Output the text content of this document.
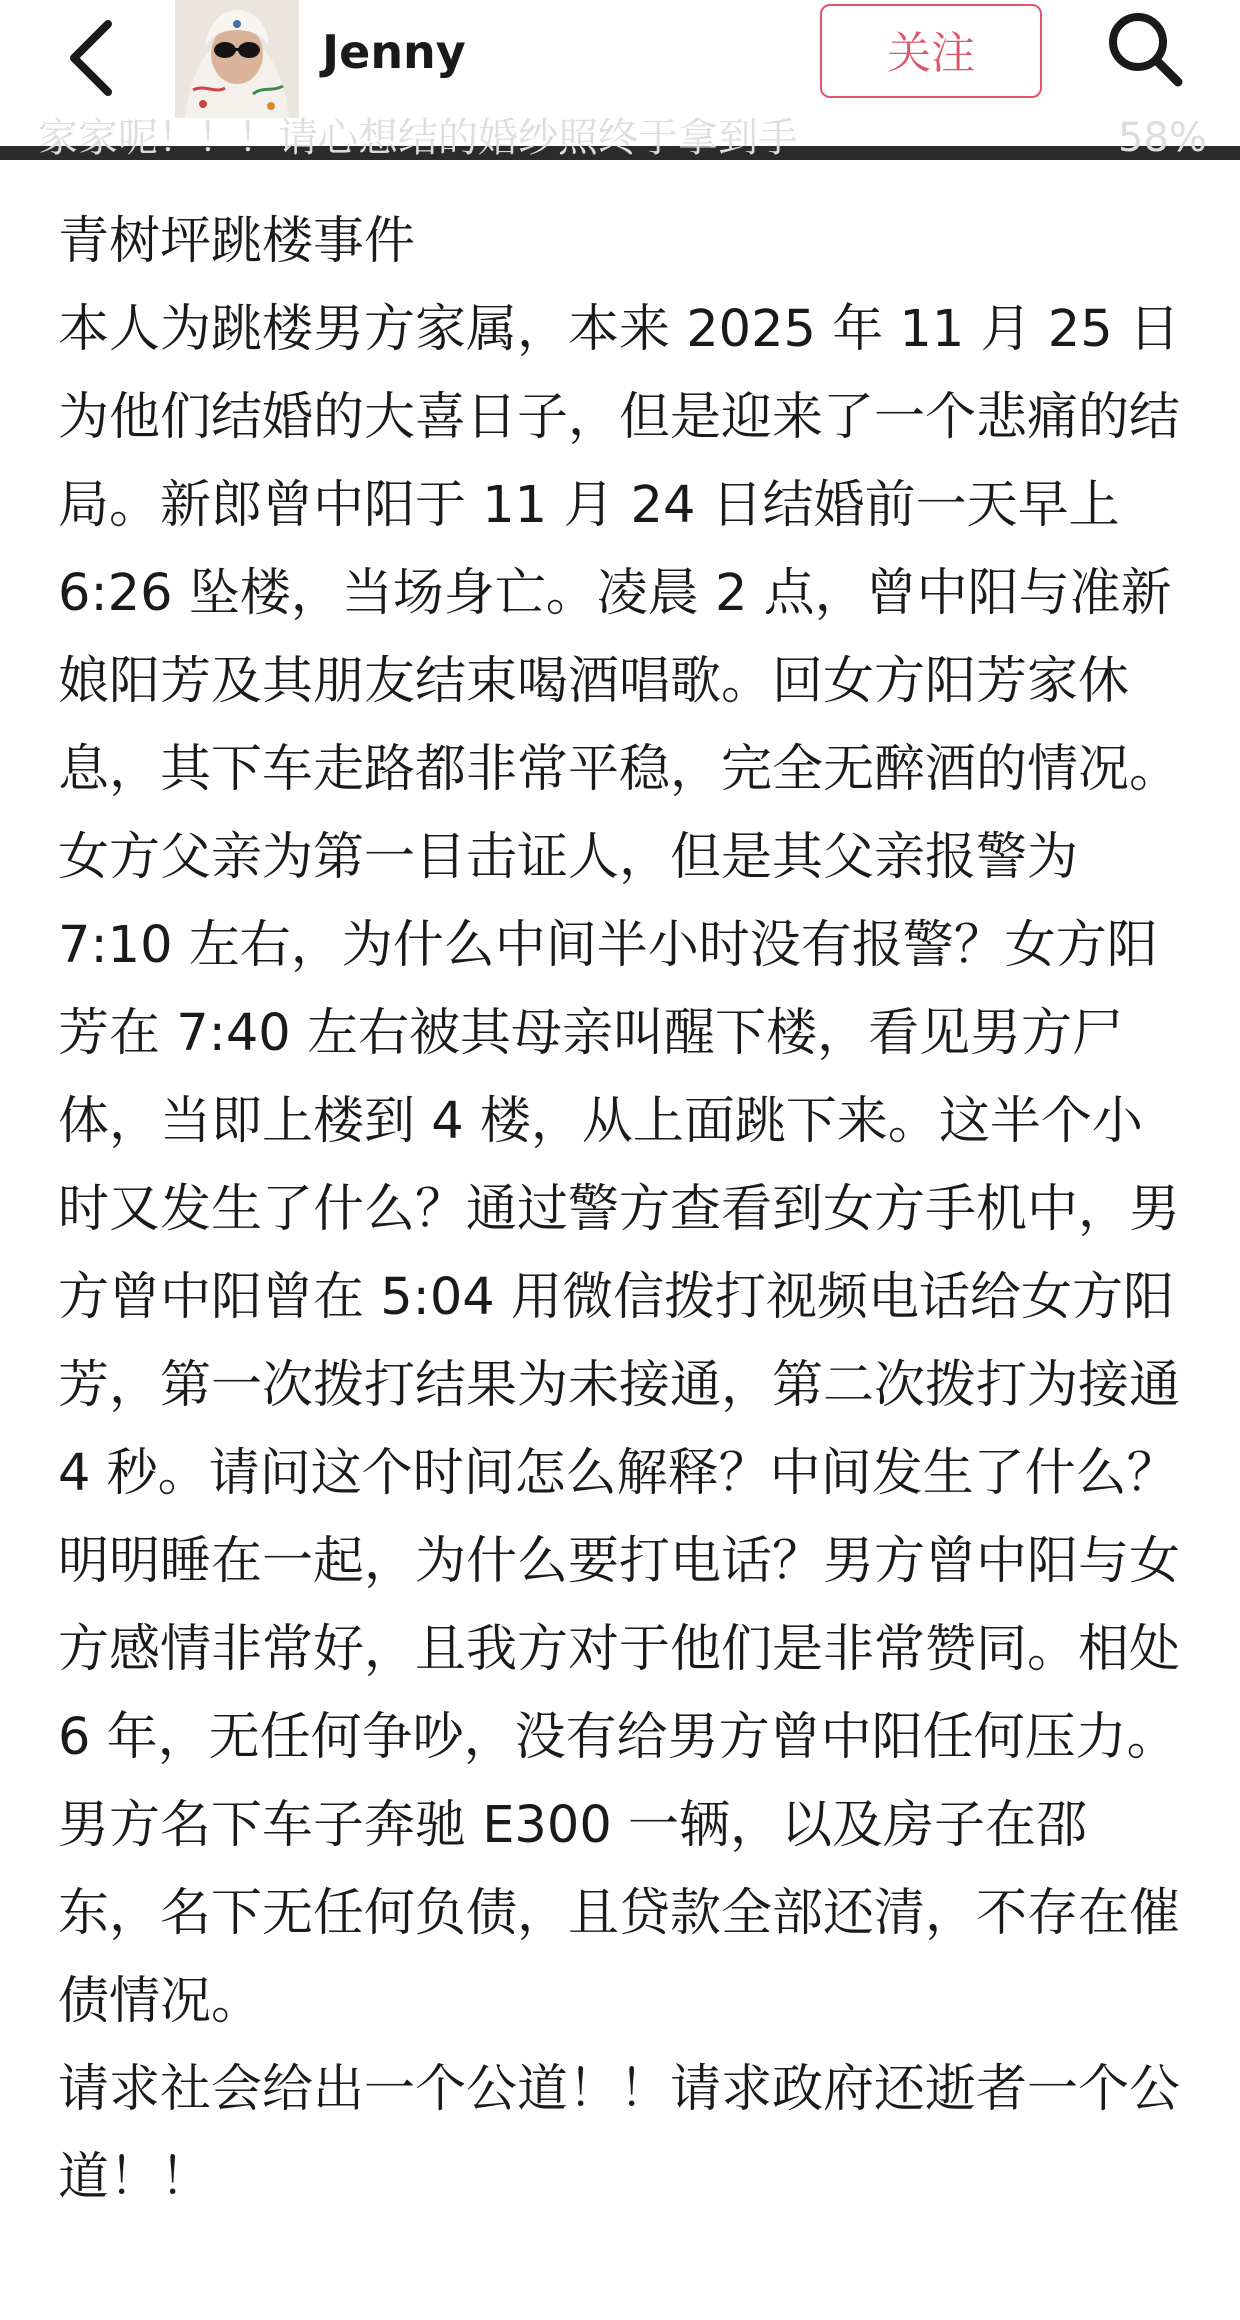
Jenny	关注
家家呢！！！请心想结的婚纱照终于拿到手	58%

青树坪跳楼事件

本人为跳楼男方家属，本来 2025 年 11 月 25 日为他们结婚的大喜日子，但是迎来了一个悲痛的结局。新郎曾中阳于 11 月 24 日结婚前一天早上 6:26 坠楼，当场身亡。凌晨 2 点，曾中阳与准新娘阳芳及其朋友结束喝酒唱歌。回女方阳芳家休息，其下车走路都非常平稳，完全无醉酒的情况。女方父亲为第一目击证人，但是其父亲报警为 7:10 左右，为什么中间半小时没有报警？女方阳芳在 7:40 左右被其母亲叫醒下楼，看见男方尸体，当即上楼到 4 楼，从上面跳下来。这半个小时又发生了什么？通过警方查看到女方手机中，男方曾中阳曾在 5:04 用微信拨打视频电话给女方阳芳，第一次拨打结果为未接通，第二次拨打为接通 4 秒。请问这个时间怎么解释？中间发生了什么？明明睡在一起，为什么要打电话？男方曾中阳与女方感情非常好，且我方对于他们是非常赞同。相处 6 年，无任何争吵，没有给男方曾中阳任何压力。男方名下车子奔驰 E300 一辆，以及房子在邵东，名下无任何负债，且贷款全部还清，不存在催债情况。

请求社会给出一个公道！！请求政府还逝者一个公道！！
